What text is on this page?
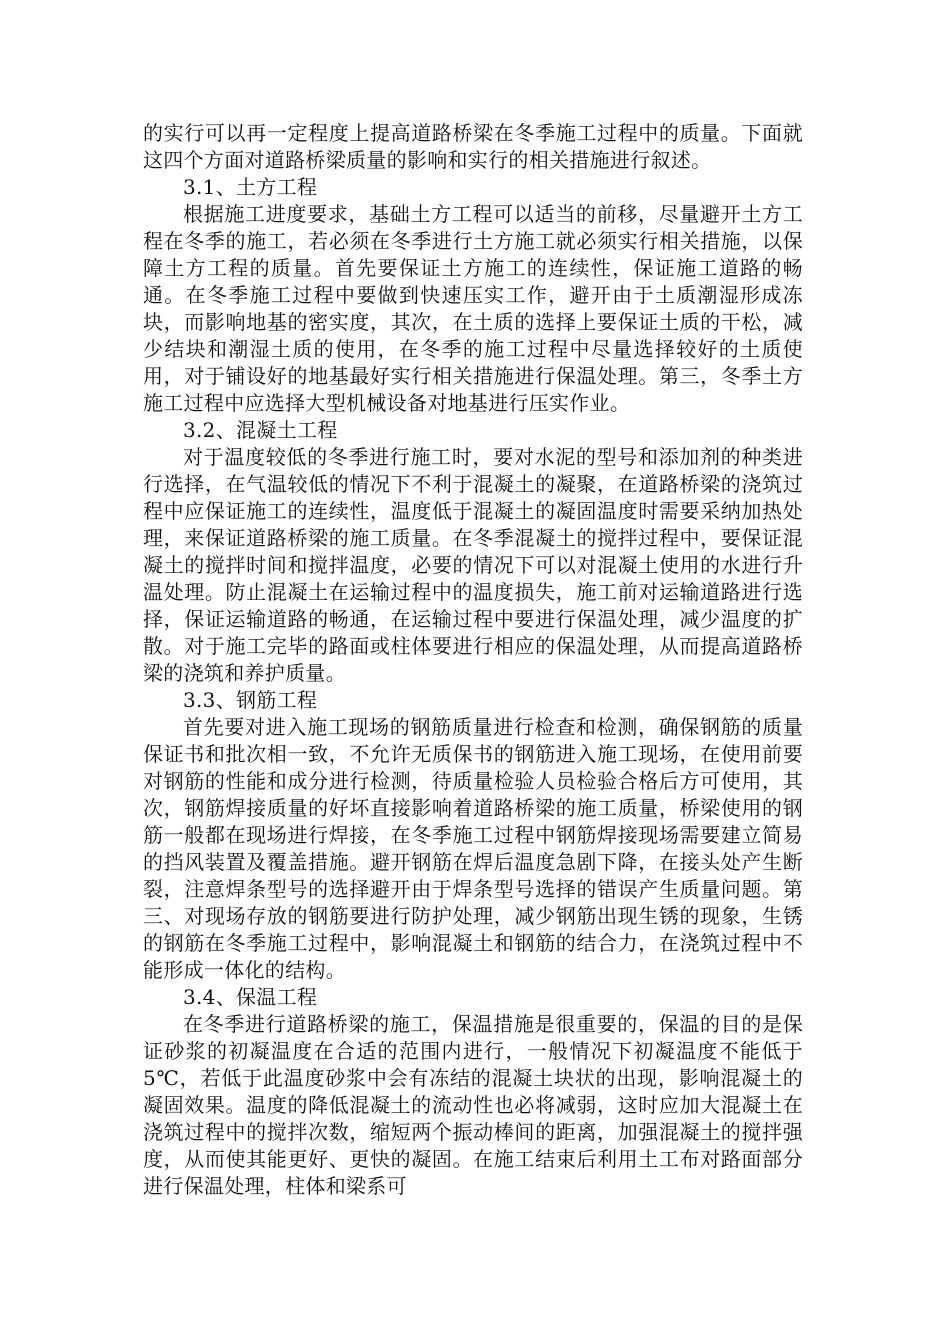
的实行可以再一定程度上提高道路桥梁在冬季施工过程中的质量。下面就这四个方面对道路桥梁质量的影响和实行的相关措施进行叙述。

3.1、土方工程

根据施工进度要求，基础土方工程可以适当的前移，尽量避开土方工程在冬季的施工，若必须在冬季进行土方施工就必须实行相关措施，以保障土方工程的质量。首先要保证土方施工的连续性，保证施工道路的畅通。在冬季施工过程中要做到快速压实工作，避开由于土质潮湿形成冻块，而影响地基的密实度，其次，在土质的选择上要保证土质的干松，减少结块和潮湿土质的使用，在冬季的施工过程中尽量选择较好的土质使用，对于铺设好的地基最好实行相关措施进行保温处理。第三，冬季土方施工过程中应选择大型机械设备对地基进行压实作业。

3.2、混凝土工程

对于温度较低的冬季进行施工时，要对水泥的型号和添加剂的种类进行选择，在气温较低的情况下不利于混凝土的凝聚，在道路桥梁的浇筑过程中应保证施工的连续性，温度低于混凝土的凝固温度时需要采纳加热处理，来保证道路桥梁的施工质量。在冬季混凝土的搅拌过程中，要保证混凝土的搅拌时间和搅拌温度，必要的情况下可以对混凝土使用的水进行升温处理。防止混凝土在运输过程中的温度损失，施工前对运输道路进行选择，保证运输道路的畅通，在运输过程中要进行保温处理，减少温度的扩散。对于施工完毕的路面或柱体要进行相应的保温处理，从而提高道路桥梁的浇筑和养护质量。

3.3、钢筋工程

首先要对进入施工现场的钢筋质量进行检查和检测，确保钢筋的质量保证书和批次相一致，不允许无质保书的钢筋进入施工现场，在使用前要对钢筋的性能和成分进行检测，待质量检验人员检验合格后方可使用，其次，钢筋焊接质量的好坏直接影响着道路桥梁的施工质量，桥梁使用的钢筋一般都在现场进行焊接，在冬季施工过程中钢筋焊接现场需要建立简易的挡风装置及覆盖措施。避开钢筋在焊后温度急剧下降，在接头处产生断裂，注意焊条型号的选择避开由于焊条型号选择的错误产生质量问题。第三、对现场存放的钢筋要进行防护处理，减少钢筋出现生锈的现象，生锈的钢筋在冬季施工过程中，影响混凝土和钢筋的结合力，在浇筑过程中不能形成一体化的结构。

3.4、保温工程

在冬季进行道路桥梁的施工，保温措施是很重要的，保温的目的是保证砂浆的初凝温度在合适的范围内进行，一般情况下初凝温度不能低于5℃，若低于此温度砂浆中会有冻结的混凝土块状的出现，影响混凝土的凝固效果。温度的降低混凝土的流动性也必将减弱，这时应加大混凝土在浇筑过程中的搅拌次数，缩短两个振动棒间的距离，加强混凝土的搅拌强度，从而使其能更好、更快的凝固。在施工结束后利用土工布对路面部分进行保温处理，柱体和梁系可
